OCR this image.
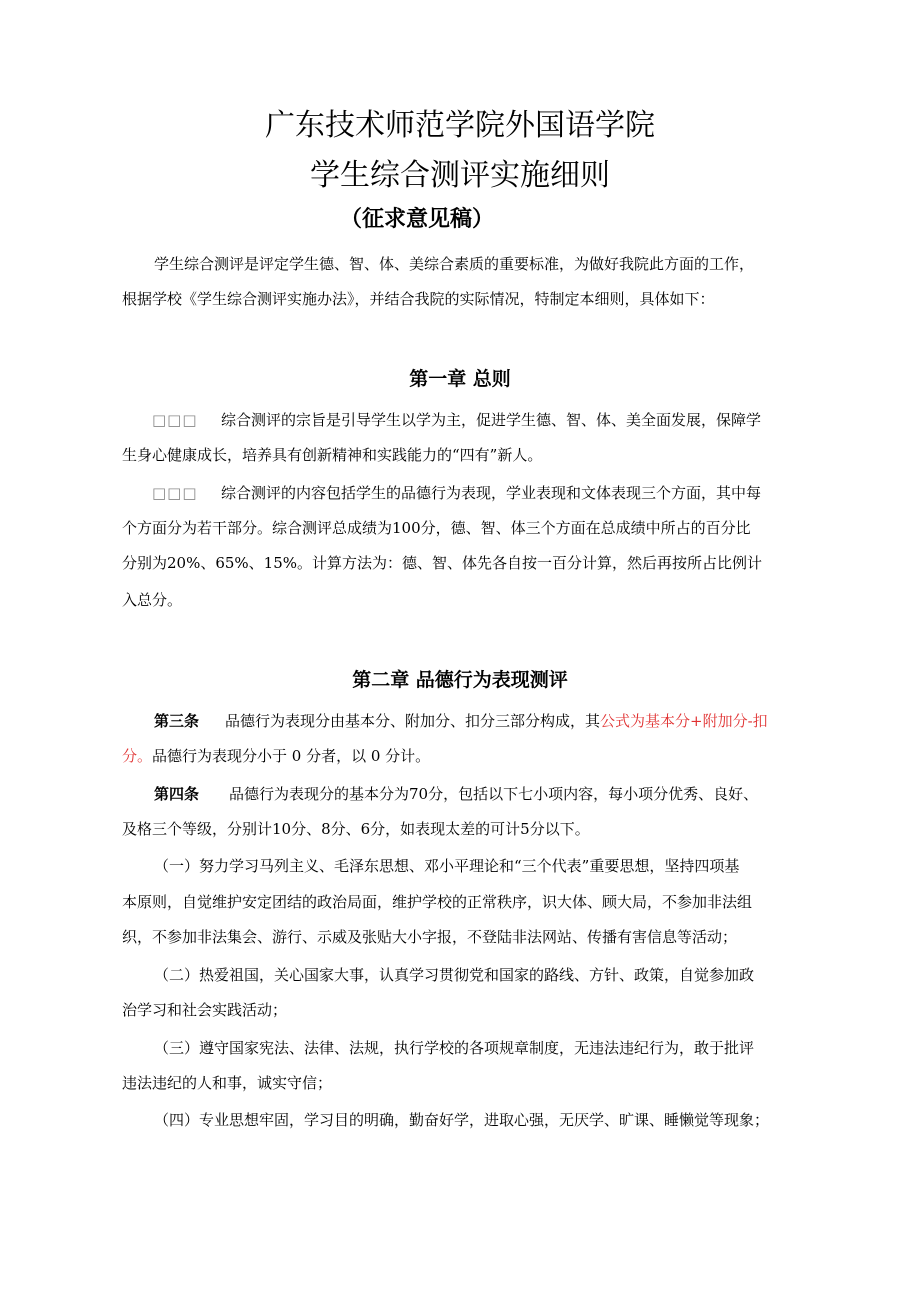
广东技术师范学院外国语学院
学生综合测评实施细则
（征求意见稿）
学生综合测评是评定学生德、智、体、美综合素质的重要标准，为做好我院此方面的工作，
根据学校《学生综合测评实施办法》，并结合我院的实际情况，特制定本细则，具体如下：
第一章 总则
□□□ 综合测评的宗旨是引导学生以学为主，促进学生德、智、体、美全面发展，保障学
生身心健康成长，培养具有创新精神和实践能力的“四有”新人。
□□□ 综合测评的内容包括学生的品德行为表现，学业表现和文体表现三个方面，其中每
个方面分为若干部分。综合测评总成绩为100分，德、智、体三个方面在总成绩中所占的百分比
分别为20%、65%、15%。计算方法为：德、智、体先各自按一百分计算，然后再按所占比例计
入总分。
第二章 品德行为表现测评
第三条 品德行为表现分由基本分、附加分、扣分三部分构成，其公式为基本分+附加分-扣
分。品德行为表现分小于 0 分者，以 0 分计。
第四条 品德行为表现分的基本分为70分，包括以下七小项内容，每小项分优秀、良好、
及格三个等级，分别计10分、8分、6分，如表现太差的可计5分以下。
（一）努力学习马列主义、毛泽东思想、邓小平理论和“三个代表”重要思想，坚持四项基
本原则，自觉维护安定团结的政治局面，维护学校的正常秩序，识大体、顾大局，不参加非法组
织，不参加非法集会、游行、示威及张贴大小字报，不登陆非法网站、传播有害信息等活动；
（二）热爱祖国，关心国家大事，认真学习贯彻党和国家的路线、方针、政策，自觉参加政
治学习和社会实践活动；
（三）遵守国家宪法、法律、法规，执行学校的各项规章制度，无违法违纪行为，敢于批评
违法违纪的人和事，诚实守信；
（四）专业思想牢固，学习目的明确，勤奋好学，进取心强，无厌学、旷课、睡懒觉等现象；
